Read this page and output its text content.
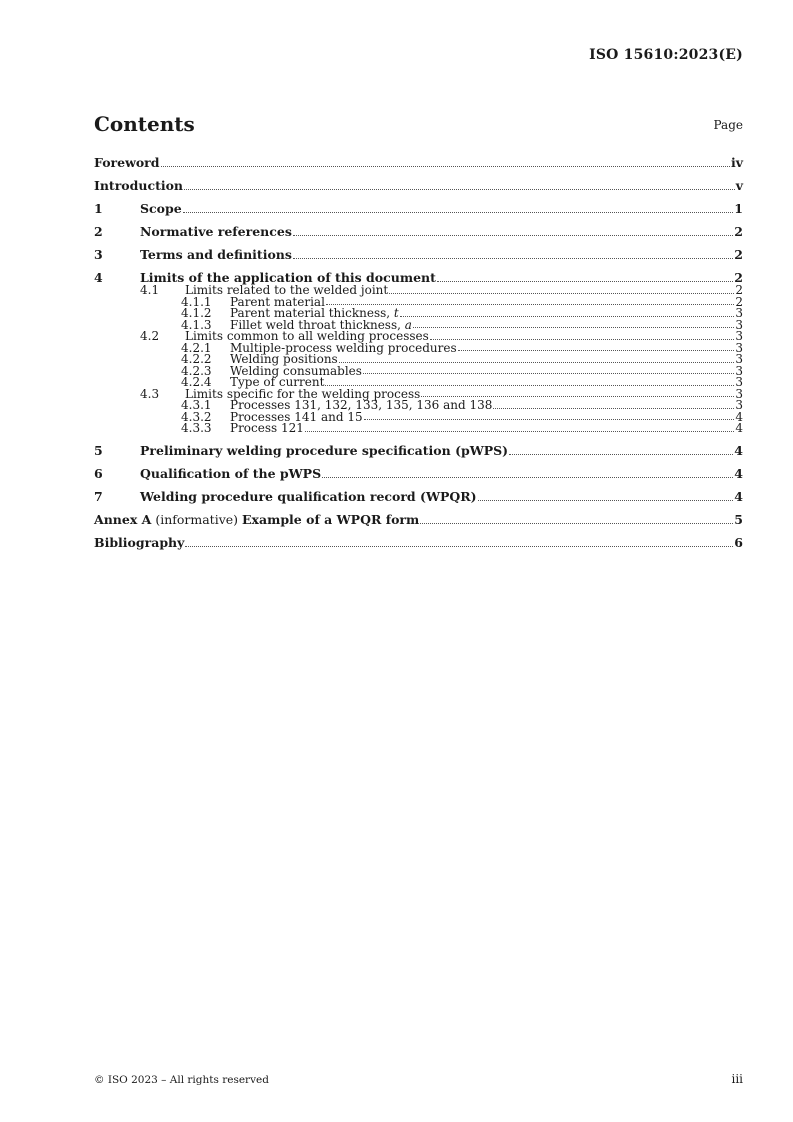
ISO 15610:2023(E)
Contents	Page
Foreword	iv
Introduction	v
1	Scope	1
2	Normative references	2
3	Terms and definitions	2
4	Limits of the application of this document	2
4.1	Limits related to the welded joint	2
4.1.1	Parent material	2
4.1.2	Parent material thickness, t	3
4.1.3	Fillet weld throat thickness, a	3
4.2	Limits common to all welding processes	3
4.2.1	Multiple-process welding procedures	3
4.2.2	Welding positions	3
4.2.3	Welding consumables	3
4.2.4	Type of current	3
4.3	Limits specific for the welding process	3
4.3.1	Processes 131, 132, 133, 135, 136 and 138	3
4.3.2	Processes 141 and 15	4
4.3.3	Process 121	4
5	Preliminary welding procedure specification (pWPS)	4
6	Qualification of the pWPS	4
7	Welding procedure qualification record (WPQR)	4
Annex A (informative) Example of a WPQR form	5
Bibliography	6
© ISO 2023 – All rights reserved	iii
